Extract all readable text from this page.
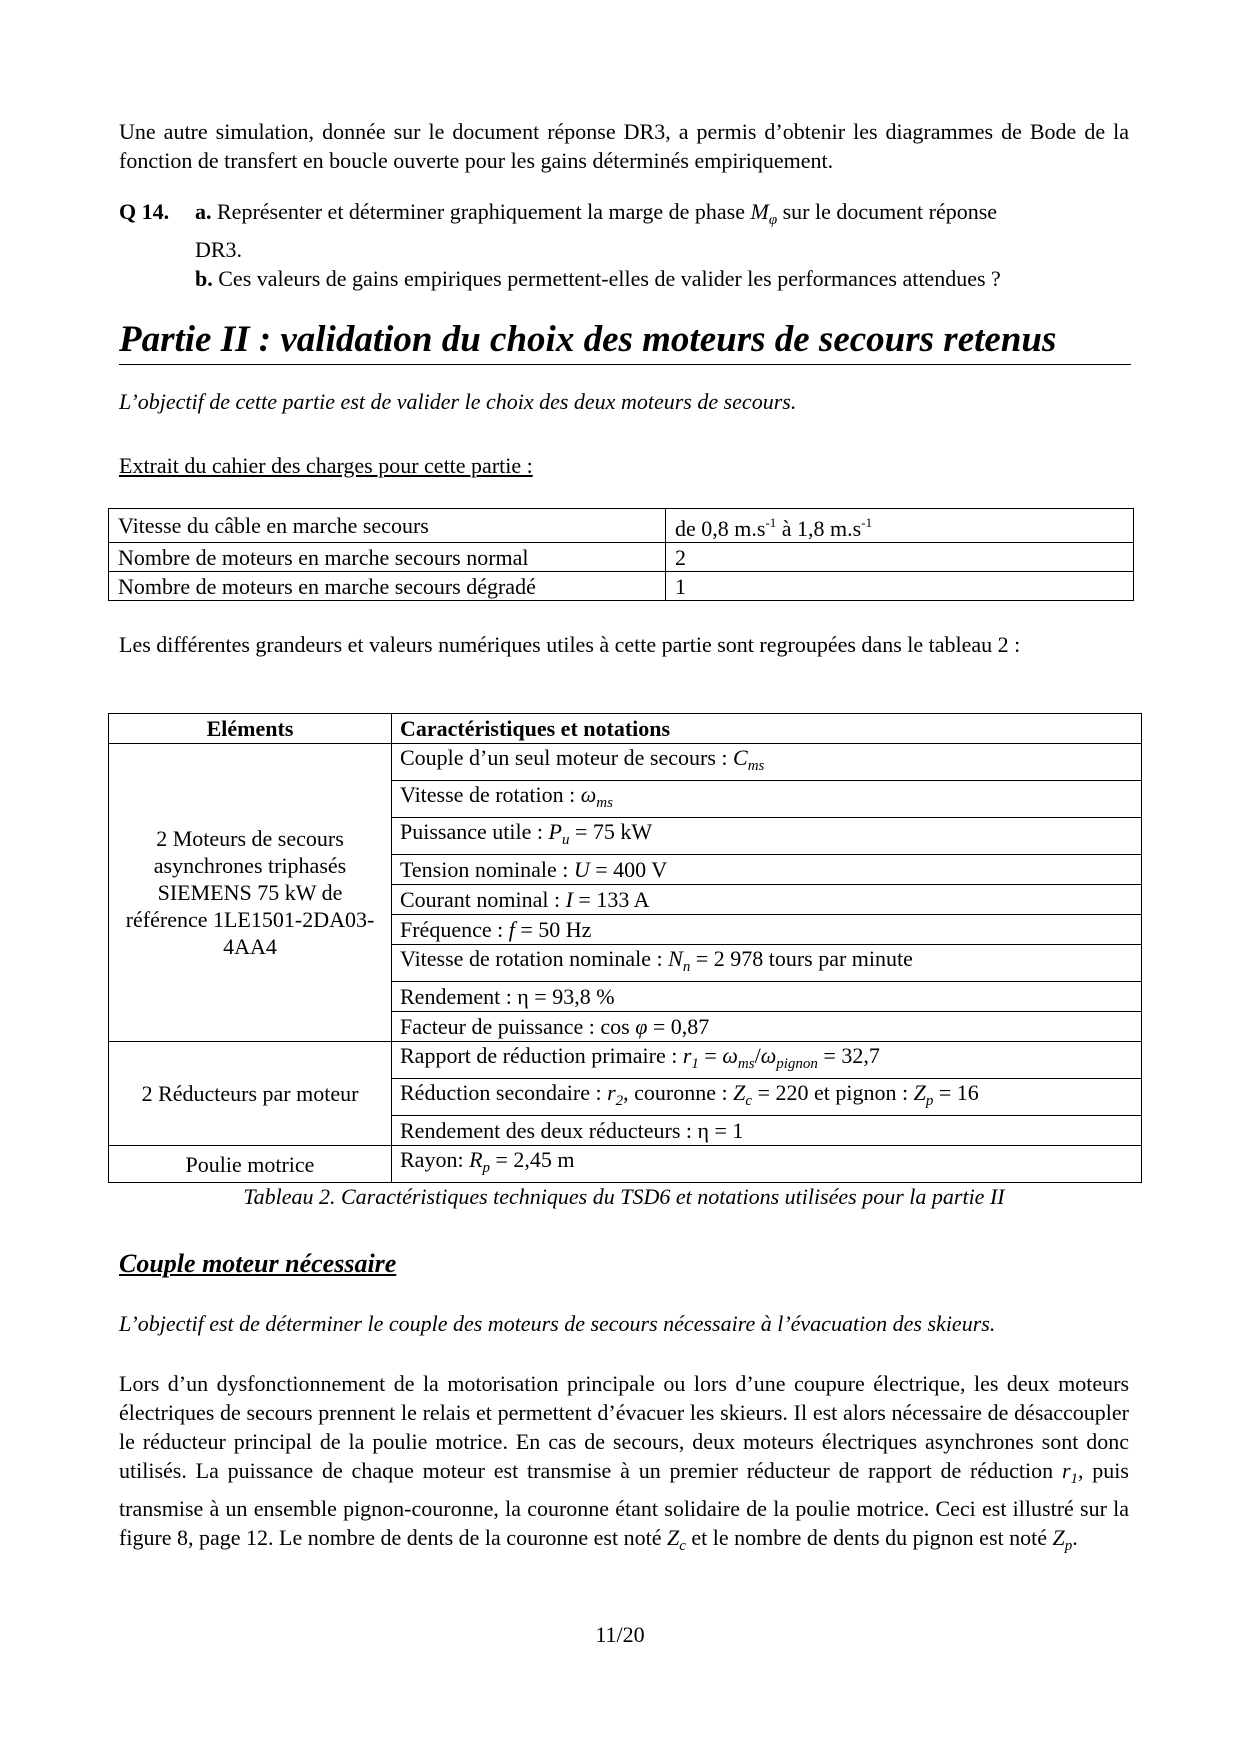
Une autre simulation, donnée sur le document réponse DR3, a permis d’obtenir les diagrammes de Bode de la fonction de transfert en boucle ouverte pour les gains déterminés empiriquement.

Q 14. a. Représenter et déterminer graphiquement la marge de phase $M_\varphi$ sur le document réponse
DR3.
b. Ces valeurs de gains empiriques permettent-elles de valider les performances attendues ?
Partie II : validation du choix des moteurs de secours retenus
L’objectif de cette partie est de valider le choix des deux moteurs de secours.
Extrait du cahier des charges pour cette partie :
Vitesse du câble en marche secours	de 0,8 $m.s^{-1}$ à 1,8 $m.s^{-1}$
Nombre de moteurs en marche secours normal	2
Nombre de moteurs en marche secours dégradé	1

Les différentes grandeurs et valeurs numériques utiles à cette partie sont regroupées dans le tableau 2 :

Eléments	Caractéristiques et notations
2 Moteurs de secours asynchrones triphasés SIEMENS 75 kW de référence 1LE1501-2DA03-4AA4	Couple d’un seul moteur de secours : $C_{ms}$
	Vitesse de rotation : $\omega_{ms}$
	Puissance utile : $P_u = 75$ kW
	Tension nominale : U = 400 V
	Courant nominal : I = 133 A
	Fréquence : f = 50 Hz
	Vitesse de rotation nominale : $N_n = 2$ 978 tours par minute
	Rendement : η = 93,8 %
	Facteur de puissance : cos φ = 0,87
2 Réducteurs par moteur	Rapport de réduction primaire : $r_1 = \omega_{ms}/\omega_{pignon} = 32,7$
	Réduction secondaire : $r_2$, couronne : $Z_c = 220$ et pignon : $Z_p = 16$
	Rendement des deux réducteurs : η = 1
Poulie motrice	Rayon: $R_p = 2,45$ m
Tableau 2. Caractéristiques techniques du TSD6 et notations utilisées pour la partie II
Couple moteur nécessaire
L’objectif est de déterminer le couple des moteurs de secours nécessaire à l’évacuation des skieurs.

Lors d’un dysfonctionnement de la motorisation principale ou lors d’une coupure électrique, les deux moteurs électriques de secours prennent le relais et permettent d’évacuer les skieurs. Il est alors nécessaire de désaccoupler le réducteur principal de la poulie motrice. En cas de secours, deux moteurs électriques asynchrones sont donc utilisés. La puissance de chaque moteur est transmise à un premier réducteur de rapport de réduction $r_1$, puis transmise à un ensemble pignon-couronne, la couronne étant solidaire de la poulie motrice. Ceci est illustré sur la figure 8, page 12. Le nombre de dents de la couronne est noté $Z_c$ et le nombre de dents du pignon est noté $Z_p$.

11/20
